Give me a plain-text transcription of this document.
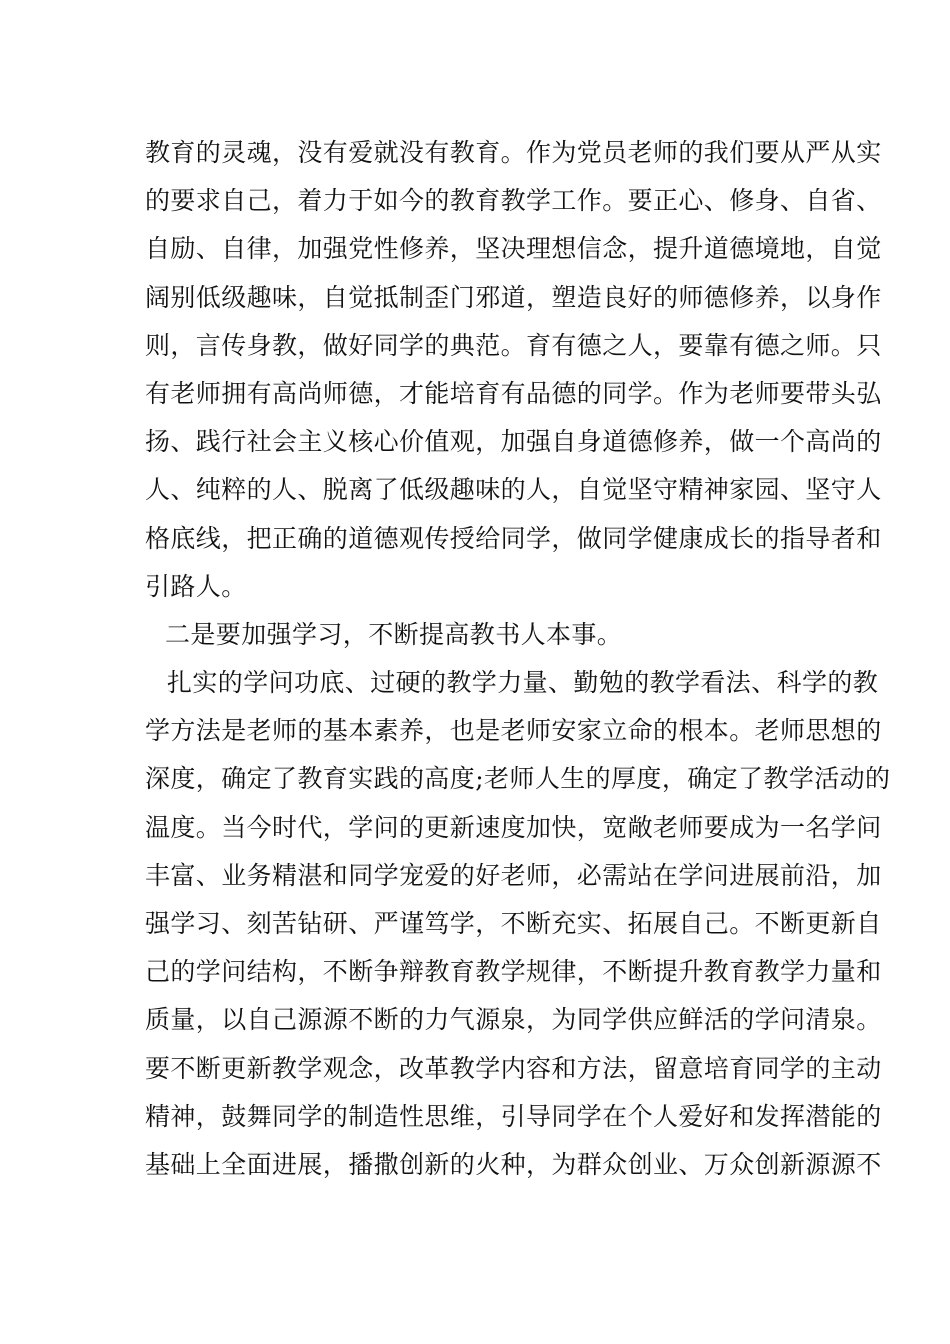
教育的灵魂，没有爱就没有教育。作为党员老师的我们要从严从实
的要求自己，着力于如今的教育教学工作。要正心、修身、自省、
自励、自律，加强党性修养，坚决理想信念，提升道德境地，自觉
阔别低级趣味，自觉抵制歪门邪道，塑造良好的师德修养，以身作
则，言传身教，做好同学的典范。育有德之人，要靠有德之师。只
有老师拥有高尚师德，才能培育有品德的同学。作为老师要带头弘
扬、践行社会主义核心价值观，加强自身道德修养，做一个高尚的
人、纯粹的人、脱离了低级趣味的人，自觉坚守精神家园、坚守人
格底线，把正确的道德观传授给同学，做同学健康成长的指导者和
引路人。
二是要加强学习，不断提高教书人本事。
扎实的学问功底、过硬的教学力量、勤勉的教学看法、科学的教
学方法是老师的基本素养，也是老师安家立命的根本。老师思想的
深度，确定了教育实践的高度;老师人生的厚度，确定了教学活动的
温度。当今时代，学问的更新速度加快，宽敞老师要成为一名学问
丰富、业务精湛和同学宠爱的好老师，必需站在学问进展前沿，加
强学习、刻苦钻研、严谨笃学，不断充实、拓展自己。不断更新自
己的学问结构，不断争辩教育教学规律，不断提升教育教学力量和
质量，以自己源源不断的力气源泉，为同学供应鲜活的学问清泉。
要不断更新教学观念，改革教学内容和方法，留意培育同学的主动
精神，鼓舞同学的制造性思维，引导同学在个人爱好和发挥潜能的
基础上全面进展，播撒创新的火种，为群众创业、万众创新源源不
